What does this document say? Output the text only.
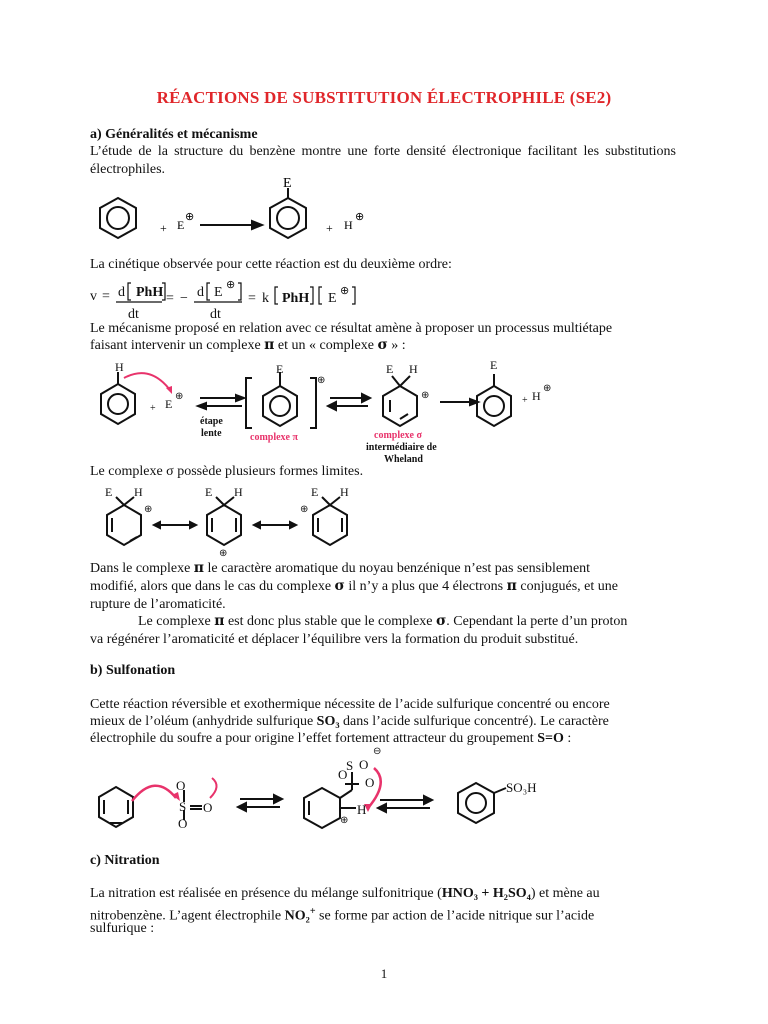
RÉACTIONS DE SUBSTITUTION ÉLECTROPHILE (SE2)
a) Généralités et mécanisme
L’étude de la structure du benzène montre une forte densité électronique facilitant les substitutions électrophiles.
+ E
⊕
E
+ H
⊕
La cinétique observée pour cette réaction est du deuxième ordre:
v = d PhH
dt
= − d E ⊕
dt
= k PhH E ⊕
Le mécanisme proposé en relation avec ce résultat amène à proposer un processus multiétape
faisant intervenir un complexe π et un « complexe σ » :
H
+ E
⊕
étape
lente
E
⊕
complexe π
E H
⊕
complexe σ
intermédiaire de
Wheland
E
+ H
⊕
Le complexe σ possède plusieurs formes limites.
E H
⊕
E H
⊕
E H
⊕
Dans le complexe π le caractère aromatique du noyau benzénique n’est pas sensiblement
modifié, alors que dans le cas du complexe σ il n’y a plus que 4 électrons π conjugués, et une
rupture de l’aromaticité.
Le complexe π est donc plus stable que le complexe σ. Cependant la perte d’un proton
va régénérer l’aromaticité et déplacer l’équilibre vers la formation du produit substitué.
b) Sulfonation
Cette réaction réversible et exothermique nécessite de l’acide sulfurique concentré ou encore
mieux de l’oléum (anhydride sulfurique SO₃ dans l’acide sulfurique concentré). Le caractère
électrophile du soufre a pour origine l’effet fortement attracteur du groupement S=O :
O
S O
O
S
O
O
⊖
O
H
⊕
SO₃H
c) Nitration
La nitration est réalisée en présence du mélange sulfonitrique (HNO₃ + H₂SO₄) et mène au
nitrobenzène. L’agent électrophile NO₂+ se forme par action de l’acide nitrique sur l’acide
sulfurique :
1
